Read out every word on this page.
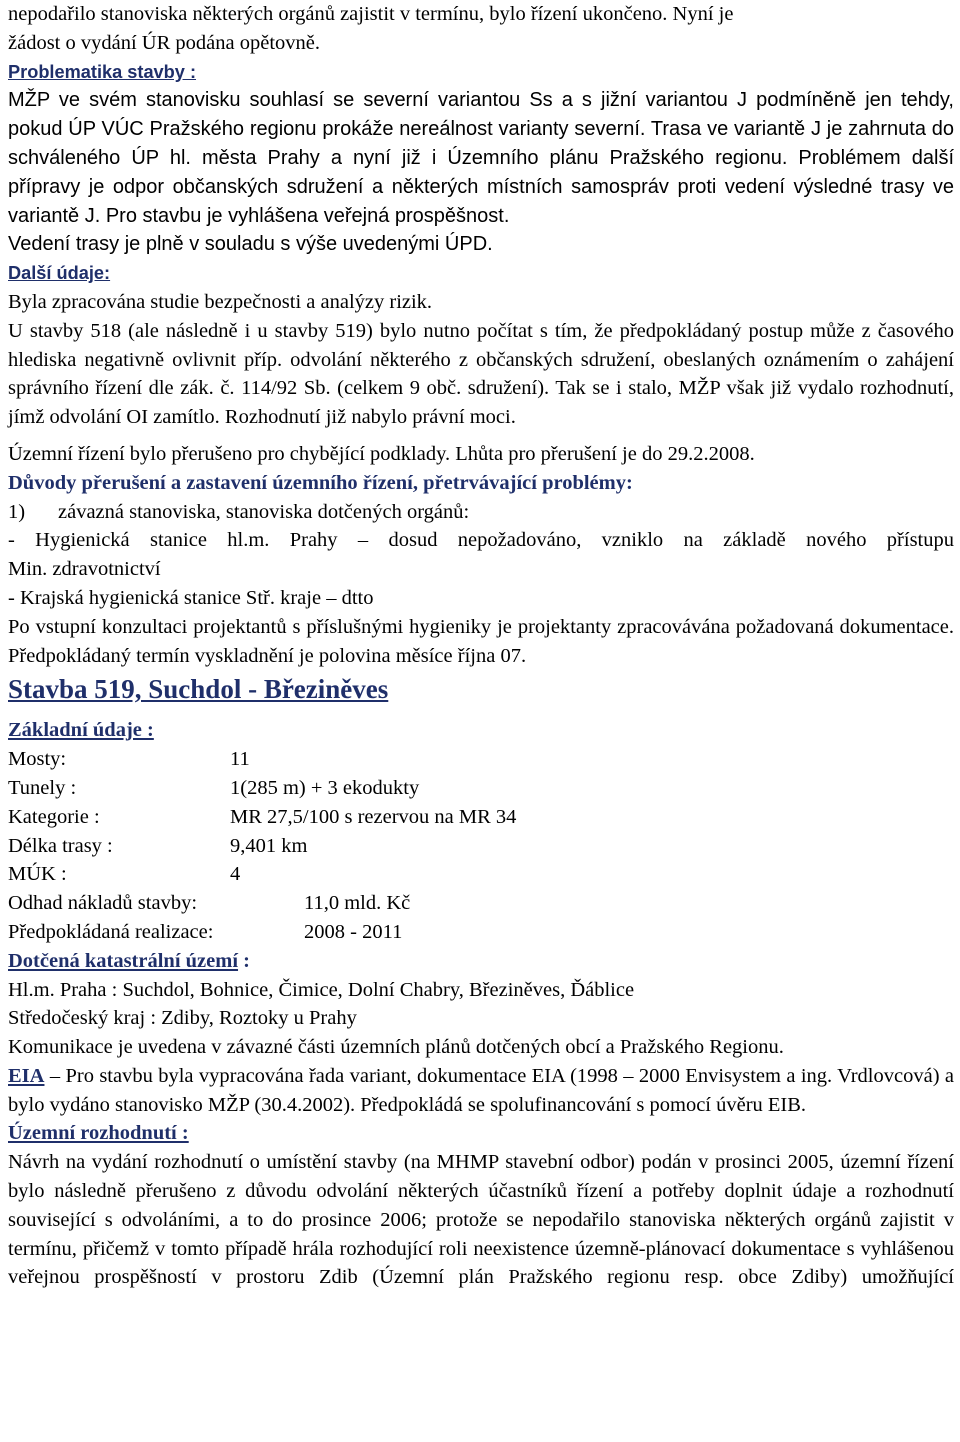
nepodařilo stanoviska některých orgánů zajistit v termínu, bylo řízení ukončeno. Nyní je

žádost o vydání ÚR podána opětovně.

Problematika stavby :

MŽP ve svém stanovisku souhlasí se severní variantou Ss a s jižní variantou J podmíněně jen tehdy, pokud ÚP VÚC Pražského regionu prokáže nereálnost varianty severní. Trasa ve variantě J je zahrnuta do schváleného ÚP hl. města Prahy a nyní již i Územního plánu Pražského regionu. Problémem další přípravy je odpor občanských sdružení a některých místních samospráv proti vedení výsledné trasy ve variantě J. Pro stavbu je vyhlášena veřejná prospěšnost.

Vedení trasy je plně v souladu s výše uvedenými ÚPD.

Další údaje:

Byla zpracována studie bezpečnosti a analýzy rizik.

U stavby 518 (ale následně i u stavby 519) bylo nutno počítat s tím, že předpokládaný postup může z časového hlediska negativně ovlivnit příp. odvolání některého z občanských sdružení, obeslaných oznámením o zahájení správního řízení dle zák. č. 114/92 Sb. (celkem 9 obč. sdružení). Tak se i stalo, MŽP však již vydalo rozhodnutí, jímž odvolání OI zamítlo. Rozhodnutí již nabylo právní moci.

Územní řízení bylo přerušeno pro chybějící podklady. Lhůta pro přerušení je do 29.2.2008.

Důvody přerušení a zastavení územního řízení, přetrvávající problémy:

1) závazná stanoviska, stanoviska dotčených orgánů:

- Hygienická stanice hl.m. Prahy – dosud nepožadováno, vzniklo na základě nového přístupu

Min. zdravotnictví

- Krajská hygienická stanice Stř. kraje – dtto

Po vstupní konzultaci projektantů s příslušnými hygieniky je projektanty zpracovávána požadovaná dokumentace. Předpokládaný termín vyskladnění je polovina měsíce října 07.

Stavba 519, Suchdol - Březiněves

Základní údaje :

Mosty:	11
Tunely :	1(285 m) + 3 ekodukty
Kategorie :	MR 27,5/100 s rezervou na MR 34
Délka trasy :	9,401 km
MÚK :	4
Odhad nákladů stavby:	11,0 mld. Kč
Předpokládaná realizace:	2008 - 2011

Dotčená katastrální území :

Hl.m. Praha : Suchdol, Bohnice, Čimice, Dolní Chabry, Březiněves, Ďáblice

Středočeský kraj : Zdiby, Roztoky u Prahy

Komunikace je uvedena v závazné části územních plánů dotčených obcí a Pražského Regionu.

EIA – Pro stavbu byla vypracována řada variant, dokumentace EIA (1998 – 2000 Envisystem a ing. Vrdlovcová) a bylo vydáno stanovisko MŽP (30.4.2002). Předpokládá se spolufinancování s pomocí úvěru EIB.

Územní rozhodnutí :

Návrh na vydání rozhodnutí o umístění stavby (na MHMP stavební odbor) podán v prosinci 2005, územní řízení bylo následně přerušeno z důvodu odvolání některých účastníků řízení a potřeby doplnit údaje a rozhodnutí související s odvoláními, a to do prosince 2006; protože se nepodařilo stanoviska některých orgánů zajistit v termínu, přičemž v tomto případě hrála rozhodující roli neexistence územně-plánovací dokumentace s vyhlášenou veřejnou prospěšností v prostoru Zdib (Územní plán Pražského regionu resp. obce Zdiby) umožňující
